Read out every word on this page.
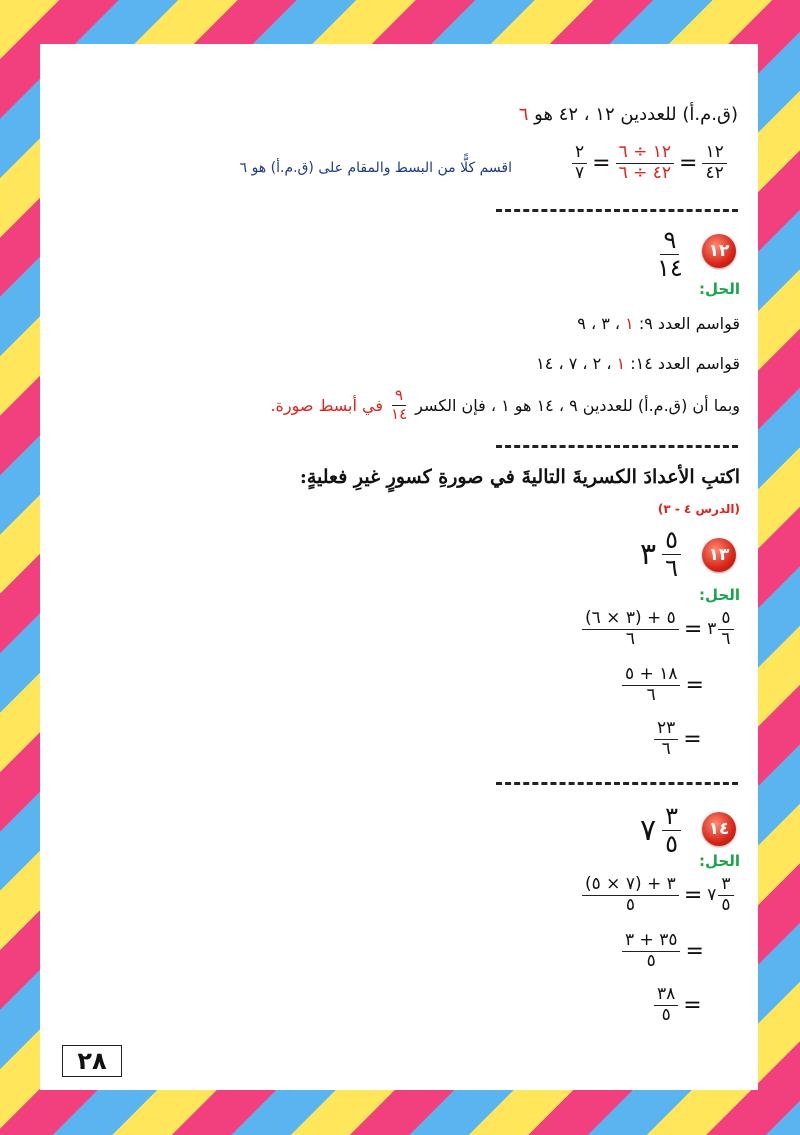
(ق.م.أ) للعددين ١٢ ، ٤٢ هو ٦
$\frac{٢}{٧} = \frac{١٢ \div ٦}{٤٢ \div ٦} = \frac{١٢}{٤٢}$
اقسم كلًّا من البسط والمقام على (ق.م.أ) هو ٦
١٢
$\frac{٩}{١٤}$
الحل:
قواسم العدد ٩: ١ ، ٣ ، ٩
قواسم العدد ١٤: ١ ، ٢ ، ٧ ، ١٤
وبما أن (ق.م.أ) للعددين ٩ ، ١٤ هو ١ ، فإن الكسر
$\frac{٩}{١٤}$
في أبسط صورة.
اكتبِ الأعدادَ الكسريةَ التاليةَ في صورةِ كسورٍ غيرِ فعليةٍ:
(الدرس ٤ - ٣)
١٣
٣ $\frac{٥}{٦}$
الحل:
$\frac{(٣ \times ٦) + ٥}{٦}$ = ٣ $\frac{٥}{٦}$
$\frac{١٨ + ٥}{٦}$ =
$\frac{٢٣}{٦}$ =
١٤
٧ $\frac{٣}{٥}$
الحل:
$\frac{(٧ \times ٥) + ٣}{٥}$ = ٧ $\frac{٣}{٥}$
$\frac{٣٥ + ٣}{٥}$ =
$\frac{٣٨}{٥}$ =
٢٨
